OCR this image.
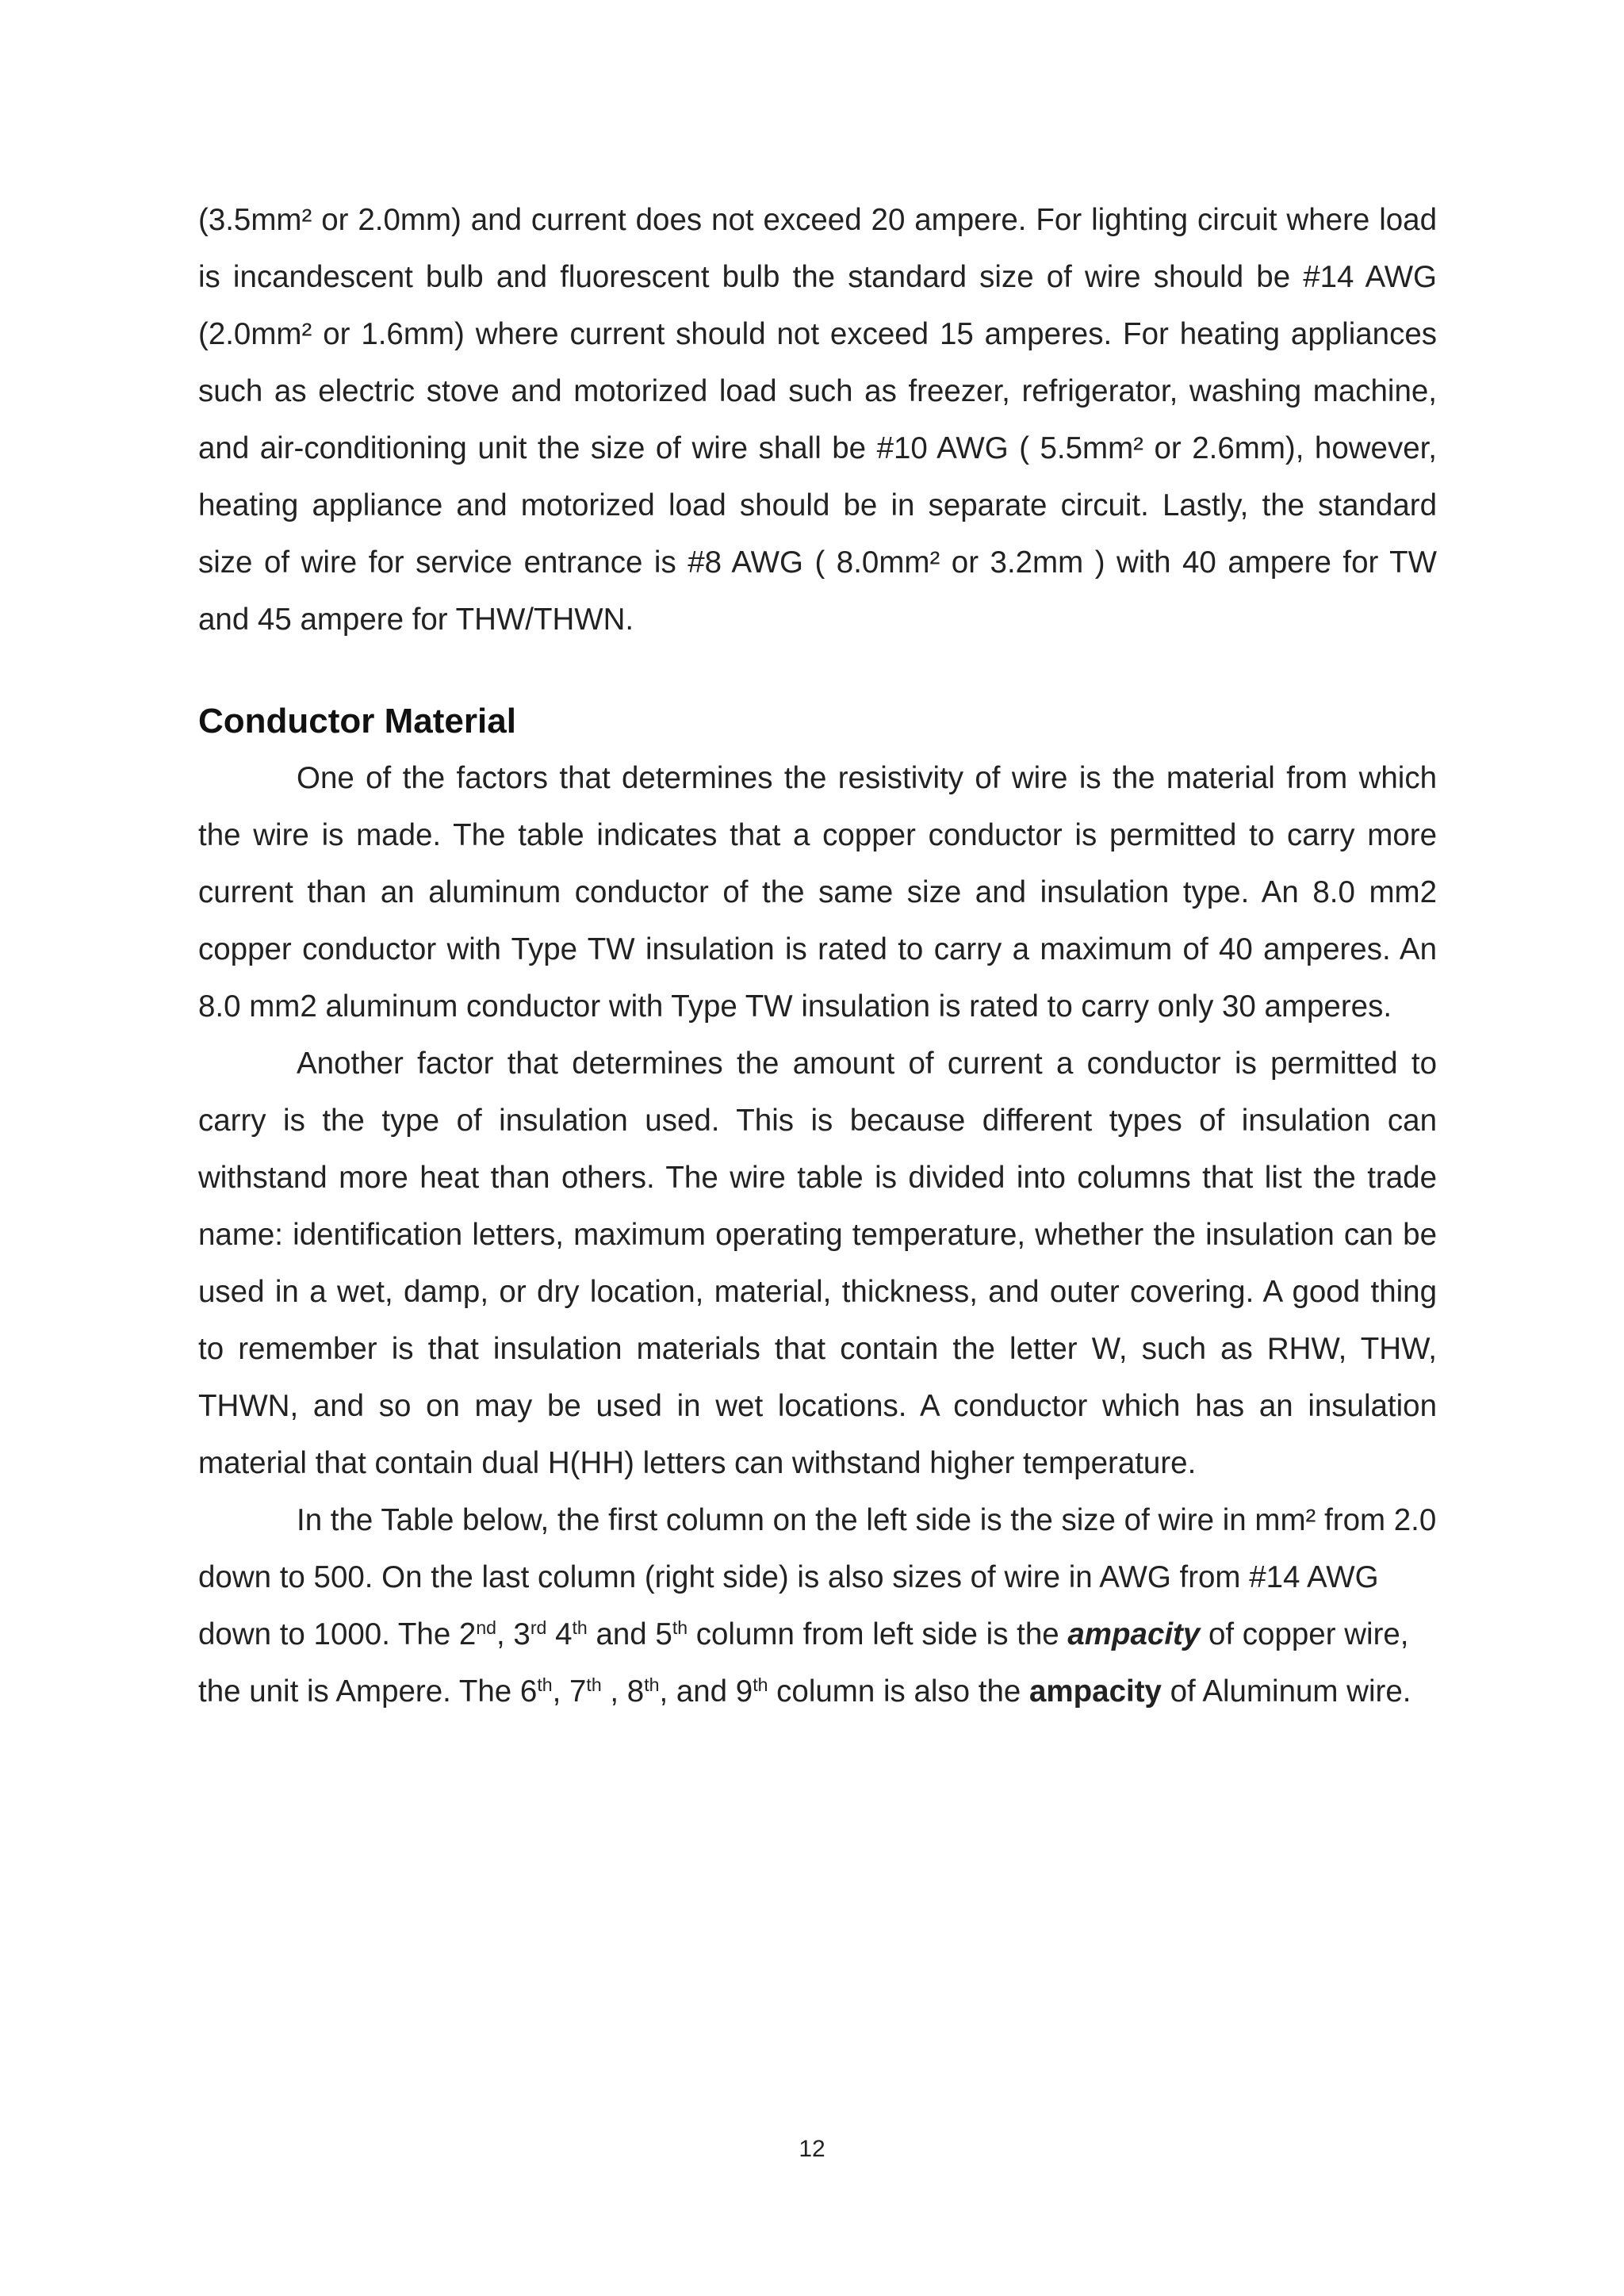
(3.5mm² or 2.0mm) and current does not exceed 20 ampere. For lighting circuit where load is incandescent bulb and fluorescent bulb the standard size of wire should be #14 AWG (2.0mm² or 1.6mm) where current should not exceed 15 amperes. For heating appliances such as electric stove and motorized load such as freezer, refrigerator, washing machine, and air-conditioning unit the size of wire shall be #10 AWG ( 5.5mm² or 2.6mm), however, heating appliance and motorized load should be in separate circuit. Lastly, the standard size of wire for service entrance is #8 AWG ( 8.0mm² or 3.2mm ) with 40 ampere for TW and 45 ampere for THW/THWN.

Conductor Material

One of the factors that determines the resistivity of wire is the material from which the wire is made. The table indicates that a copper conductor is permitted to carry more current than an aluminum conductor of the same size and insulation type. An 8.0 mm2 copper conductor with Type TW insulation is rated to carry a maximum of 40 amperes. An 8.0 mm2 aluminum conductor with Type TW insulation is rated to carry only 30 amperes.

Another factor that determines the amount of current a conductor is permitted to carry is the type of insulation used. This is because different types of insulation can withstand more heat than others. The wire table is divided into columns that list the trade name: identification letters, maximum operating temperature, whether the insulation can be used in a wet, damp, or dry location, material, thickness, and outer covering. A good thing to remember is that insulation materials that contain the letter W, such as RHW, THW, THWN, and so on may be used in wet locations. A conductor which has an insulation material that contain dual H(HH) letters can withstand higher temperature.

In the Table below, the first column on the left side is the size of wire in mm² from 2.0 down to 500. On the last column (right side) is also sizes of wire in AWG from #14 AWG down to 1000. The 2nd, 3rd 4th and 5th column from left side is the ampacity of copper wire, the unit is Ampere. The 6th, 7th , 8th, and 9th column is also the ampacity of Aluminum wire.

12
